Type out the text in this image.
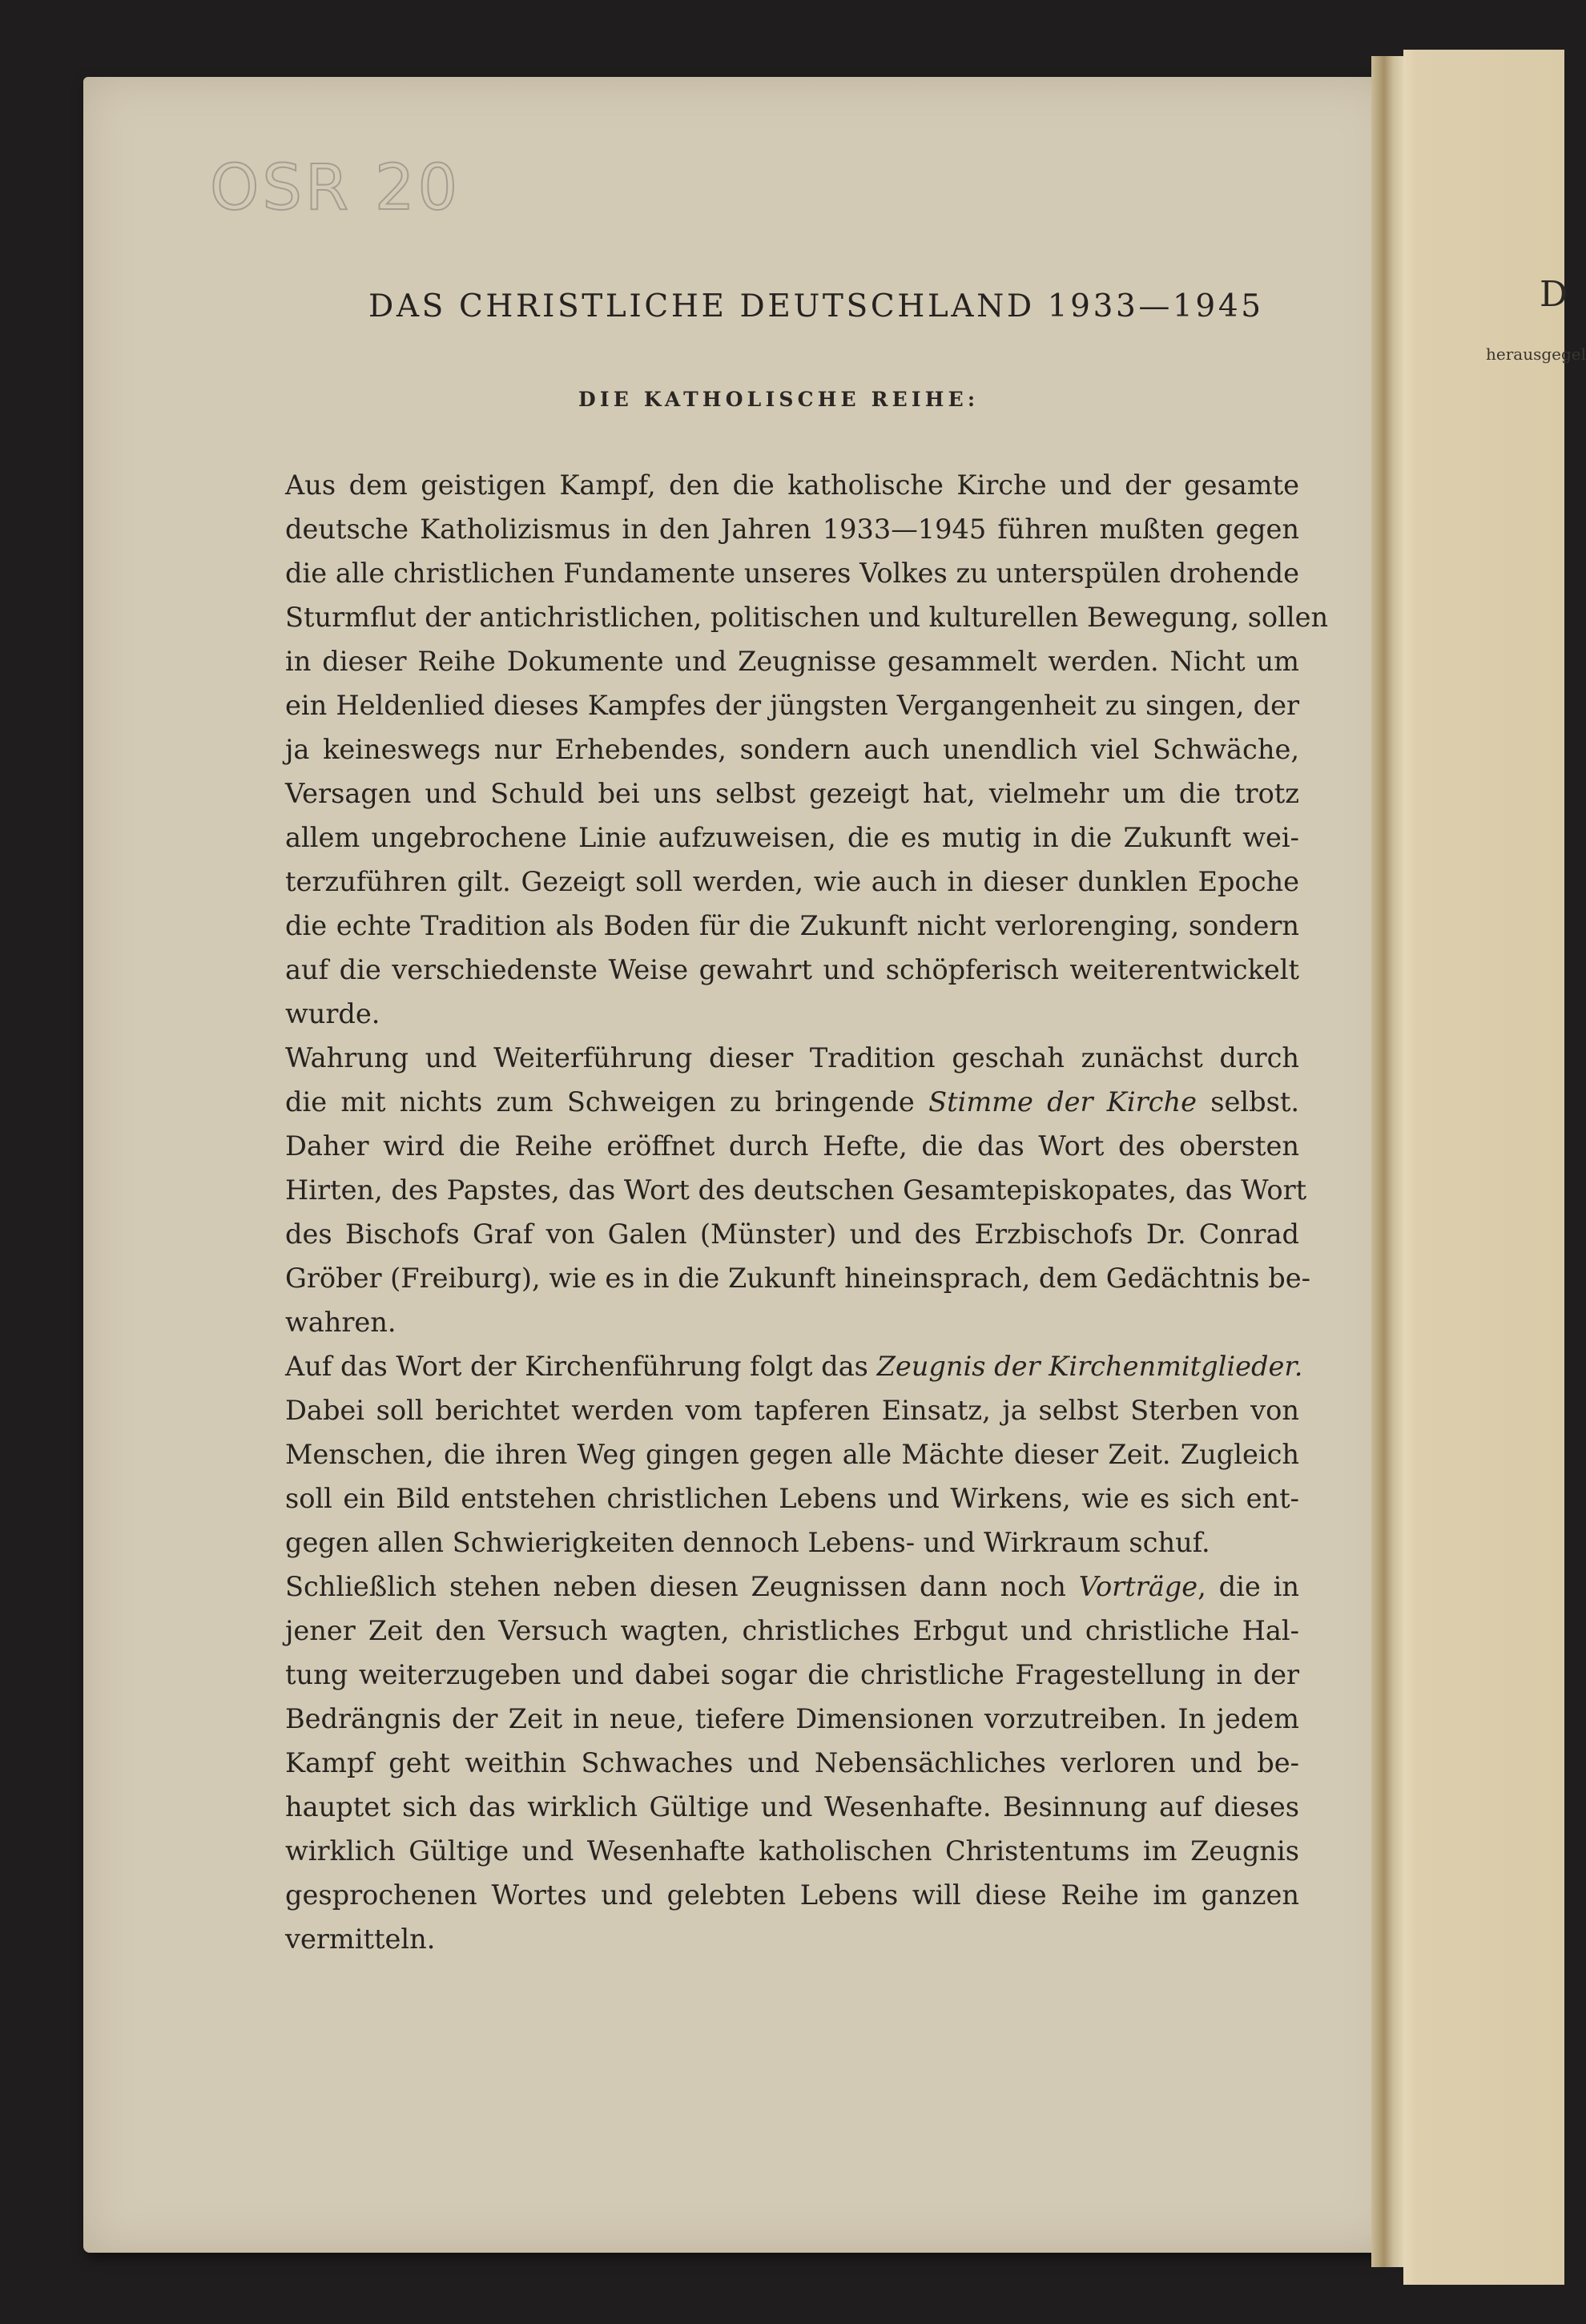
OSR 20
DAS CHRISTLICHE DEUTSCHLAND 1933—1945
DIE KATHOLISCHE REIHE:
Aus dem geistigen Kampf, den die katholische Kirche und der gesamte
deutsche Katholizismus in den Jahren 1933—1945 führen mußten gegen
die alle christlichen Fundamente unseres Volkes zu unterspülen drohende
Sturmflut der antichristlichen, politischen und kulturellen Bewegung, sollen
in dieser Reihe Dokumente und Zeugnisse gesammelt werden. Nicht um
ein Heldenlied dieses Kampfes der jüngsten Vergangenheit zu singen, der
ja keineswegs nur Erhebendes, sondern auch unendlich viel Schwäche,
Versagen und Schuld bei uns selbst gezeigt hat, vielmehr um die trotz
allem ungebrochene Linie aufzuweisen, die es mutig in die Zukunft wei-
terzuführen gilt. Gezeigt soll werden, wie auch in dieser dunklen Epoche
die echte Tradition als Boden für die Zukunft nicht verlorenging, sondern
auf die verschiedenste Weise gewahrt und schöpferisch weiterentwickelt
wurde.
Wahrung und Weiterführung dieser Tradition geschah zunächst durch
die mit nichts zum Schweigen zu bringende Stimme der Kirche selbst.
Daher wird die Reihe eröffnet durch Hefte, die das Wort des obersten
Hirten, des Papstes, das Wort des deutschen Gesamtepiskopates, das Wort
des Bischofs Graf von Galen (Münster) und des Erzbischofs Dr. Conrad
Gröber (Freiburg), wie es in die Zukunft hineinsprach, dem Gedächtnis be-
wahren.
Auf das Wort der Kirchenführung folgt das Zeugnis der Kirchenmitglieder.
Dabei soll berichtet werden vom tapferen Einsatz, ja selbst Sterben von
Menschen, die ihren Weg gingen gegen alle Mächte dieser Zeit. Zugleich
soll ein Bild entstehen christlichen Lebens und Wirkens, wie es sich ent-
gegen allen Schwierigkeiten dennoch Lebens- und Wirkraum schuf.
Schließlich stehen neben diesen Zeugnissen dann noch Vorträge, die in
jener Zeit den Versuch wagten, christliches Erbgut und christliche Hal-
tung weiterzugeben und dabei sogar die christliche Fragestellung in der
Bedrängnis der Zeit in neue, tiefere Dimensionen vorzutreiben. In jedem
Kampf geht weithin Schwaches und Nebensächliches verloren und be-
hauptet sich das wirklich Gültige und Wesenhafte. Besinnung auf dieses
wirklich Gültige und Wesenhafte katholischen Christentums im Zeugnis
gesprochenen Wortes und gelebten Lebens will diese Reihe im ganzen
vermitteln.
D
herausgegel
